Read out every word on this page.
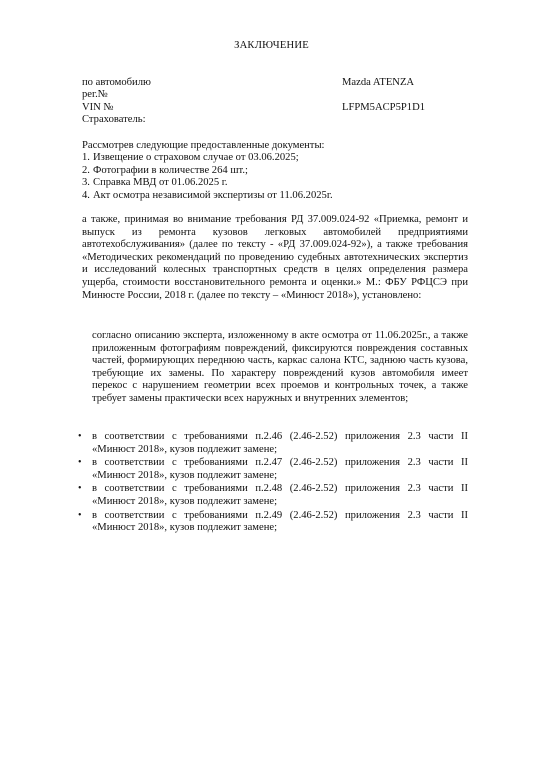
ЗАКЛЮЧЕНИЕ
по автомобилю	Mazda ATENZA
рег.№
VIN №	LFPM5ACP5P1D1
Страхователь:
Рассмотрев следующие предоставленные документы:
1. Извещение о страховом случае от 03.06.2025;
2. Фотографии в количестве 264 шт.;
3. Справка МВД от 01.06.2025 г.
4. Акт осмотра независимой экспертизы от 11.06.2025г.
а также, принимая во внимание требования РД 37.009.024-92 «Приемка, ремонт и выпуск из ремонта кузовов легковых автомобилей предприятиями автотехобслуживания» (далее по тексту - «РД 37.009.024-92»), а также требования «Методических рекомендаций по проведению судебных автотехнических экспертиз и исследований колесных транспортных средств в целях определения размера ущерба, стоимости восстановительного ремонта и оценки.» М.: ФБУ РФЦСЭ при Минюсте России, 2018 г. (далее по тексту – «Минюст 2018»), установлено:
согласно описанию эксперта, изложенному в акте осмотра от 11.06.2025г., а также приложенным фотографиям повреждений, фиксируются повреждения составных частей, формирующих переднюю часть, каркас салона КТС, заднюю часть кузова, требующие их замены. По характеру повреждений кузов автомобиля имеет перекос с нарушением геометрии всех проемов и контрольных точек, а также требует замены практически всех наружных и внутренних элементов;
• в соответствии с требованиями п.2.46 (2.46-2.52) приложения 2.3 части II «Минюст 2018», кузов подлежит замене;
• в соответствии с требованиями п.2.47 (2.46-2.52) приложения 2.3 части II «Минюст 2018», кузов подлежит замене;
• в соответствии с требованиями п.2.48 (2.46-2.52) приложения 2.3 части II «Минюст 2018», кузов подлежит замене;
• в соответствии с требованиями п.2.49 (2.46-2.52) приложения 2.3 части II «Минюст 2018», кузов подлежит замене;
